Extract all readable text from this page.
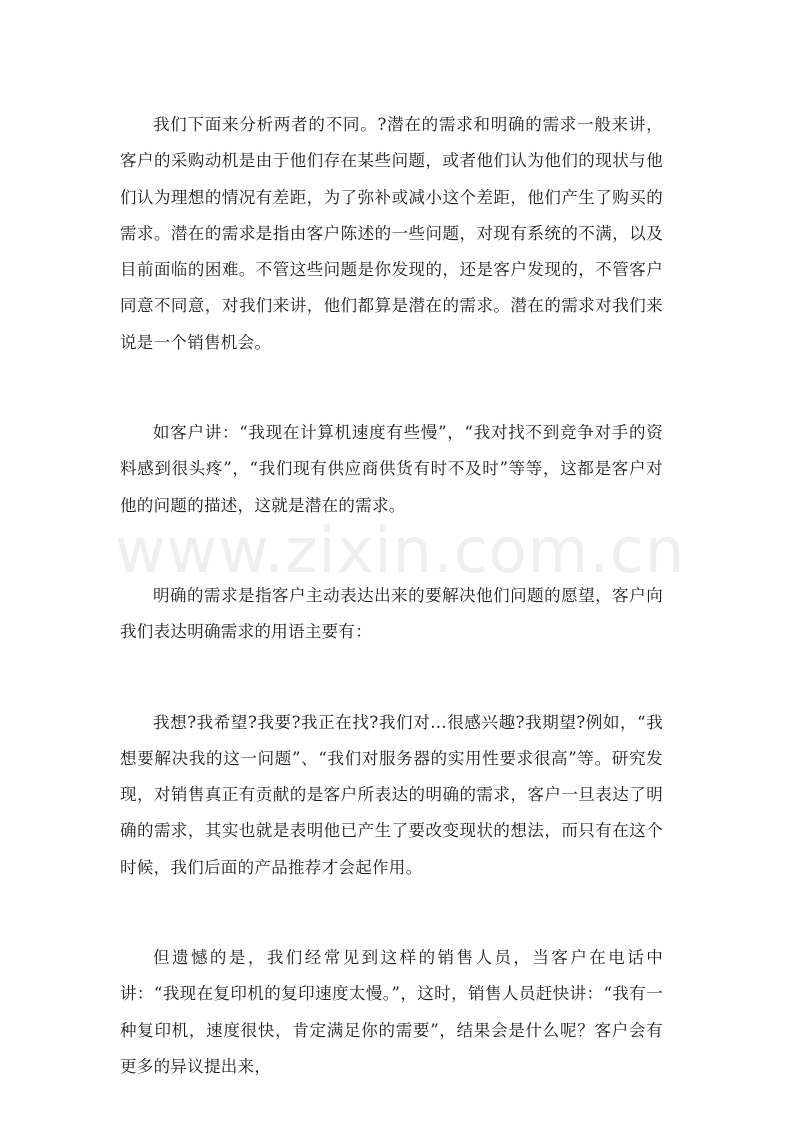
www.zixin.com.cn

我们下面来分析两者的不同。?潜在的需求和明确的需求一般来讲，客户的采购动机是由于他们存在某些问题，或者他们认为他们的现状与他们认为理想的情况有差距，为了弥补或减小这个差距，他们产生了购买的需求。潜在的需求是指由客户陈述的一些问题，对现有系统的不满，以及目前面临的困难。不管这些问题是你发现的，还是客户发现的，不管客户同意不同意，对我们来讲，他们都算是潜在的需求。潜在的需求对我们来说是一个销售机会。

如客户讲：“我现在计算机速度有些慢”，“我对找不到竞争对手的资料感到很头疼”，“我们现有供应商供货有时不及时”等等，这都是客户对他的问题的描述，这就是潜在的需求。

明确的需求是指客户主动表达出来的要解决他们问题的愿望，客户向我们表达明确需求的用语主要有：

我想?我希望?我要?我正在找?我们对…很感兴趣?我期望?例如，“我想要解决我的这一问题”、“我们对服务器的实用性要求很高”等。研究发现，对销售真正有贡献的是客户所表达的明确的需求，客户一旦表达了明确的需求，其实也就是表明他已产生了要改变现状的想法，而只有在这个时候，我们后面的产品推荐才会起作用。

但遗憾的是，我们经常见到这样的销售人员，当客户在电话中讲：“我现在复印机的复印速度太慢。”，这时，销售人员赶快讲：“我有一种复印机，速度很快，肯定满足你的需要”，结果会是什么呢？客户会有更多的异议提出来，
